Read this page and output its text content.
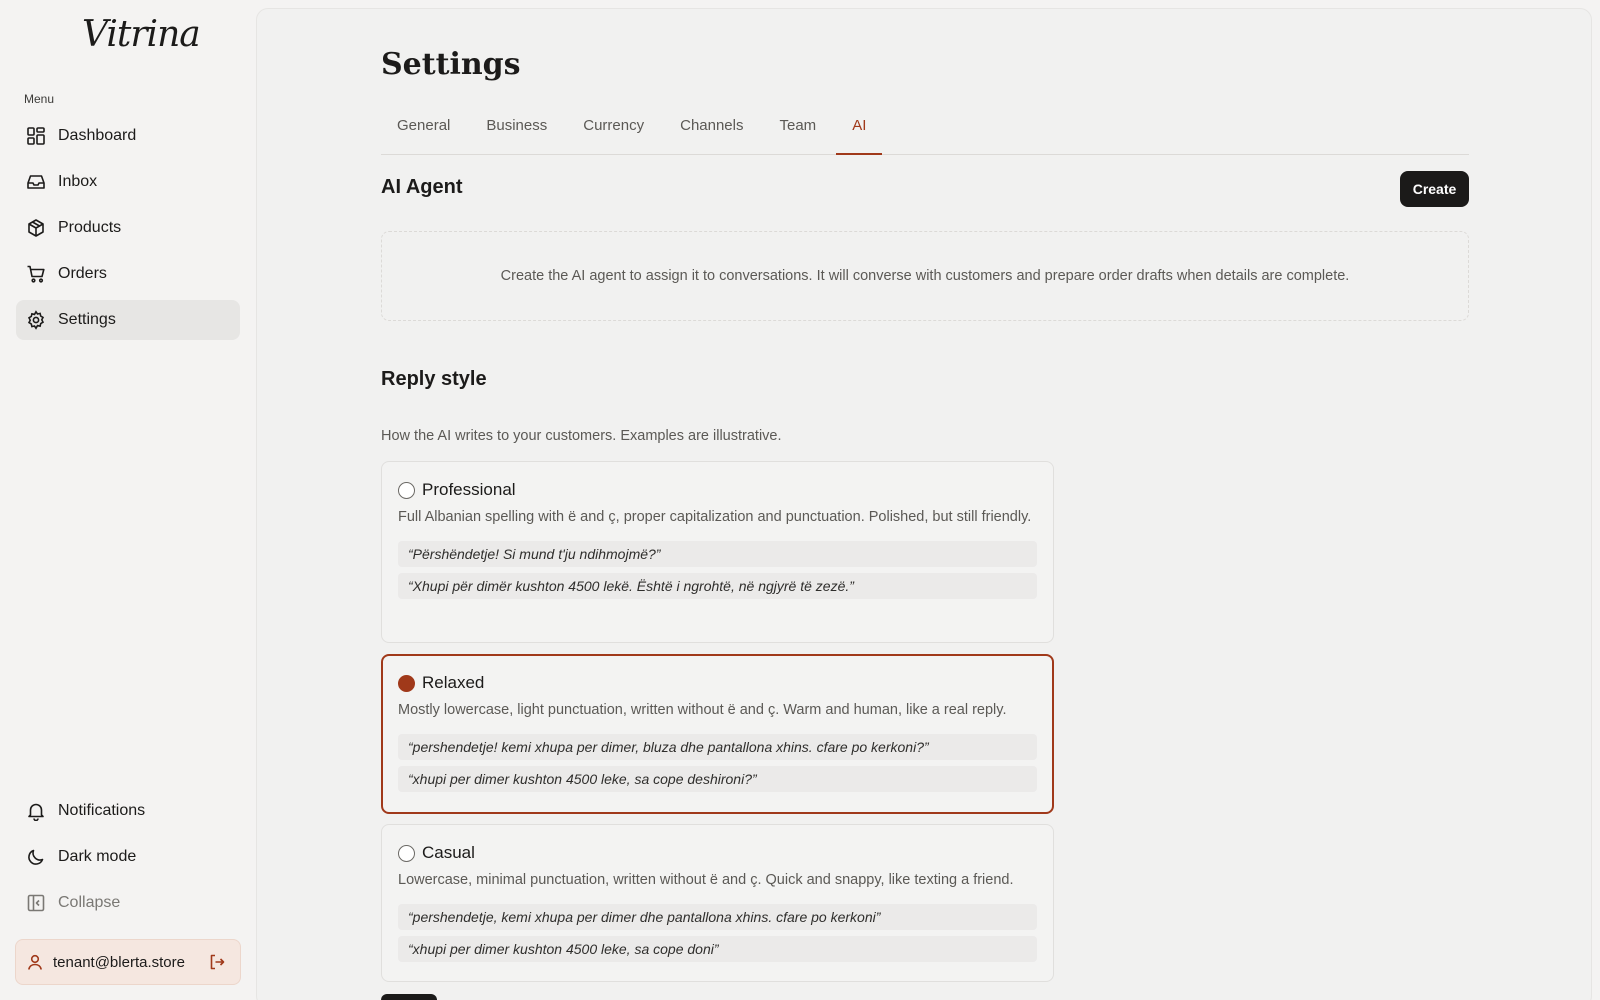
Vitrina
Menu
Dashboard
Inbox
Products
Orders
Settings
Notifications
Dark mode
Collapse
tenant@blerta.store
Settings
General	Business	Currency	Channels	Team	AI
AI Agent	Create
Create the AI agent to assign it to conversations. It will converse with customers and prepare order drafts when details are complete.
Reply style
How the AI writes to your customers. Examples are illustrative.
Professional
Full Albanian spelling with ë and ç, proper capitalization and punctuation. Polished, but still friendly.
“Përshëndetje! Si mund t'ju ndihmojmë?”
“Xhupi për dimër kushton 4500 lekë. Është i ngrohtë, në ngjyrë të zezë.”
Relaxed
Mostly lowercase, light punctuation, written without ë and ç. Warm and human, like a real reply.
“pershendetje! kemi xhupa per dimer, bluza dhe pantallona xhins. cfare po kerkoni?”
“xhupi per dimer kushton 4500 leke, sa cope deshironi?”
Casual
Lowercase, minimal punctuation, written without ë and ç. Quick and snappy, like texting a friend.
“pershendetje, kemi xhupa per dimer dhe pantallona xhins. cfare po kerkoni”
“xhupi per dimer kushton 4500 leke, sa cope doni”
